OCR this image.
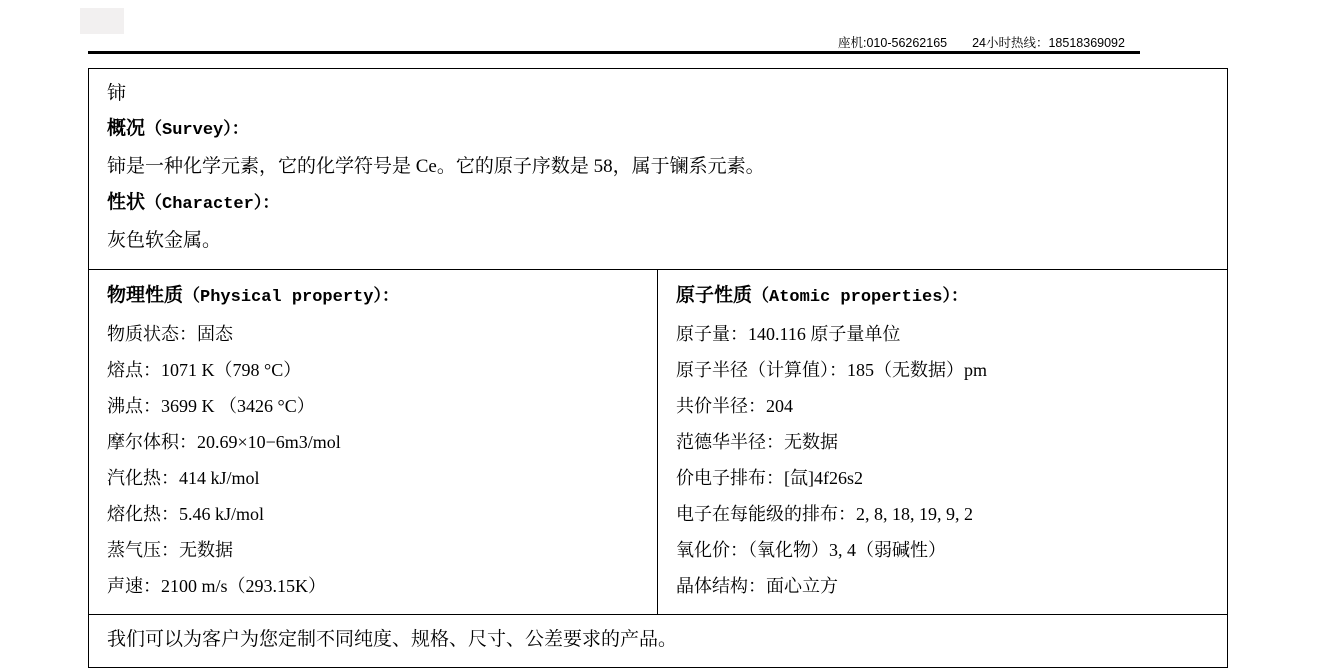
座机:010-56262165 24小时热线：18518369092
铈
概况（Survey）：
铈是一种化学元素，它的化学符号是 Ce。它的原子序数是 58，属于镧系元素。
性状（Character）：
灰色软金属。
物理性质（Physical property）：
物质状态：固态
熔点：1071 K（798 °C）
沸点：3699 K （3426 °C）
摩尔体积：20.69×10−6m3/mol
汽化热：414 kJ/mol
熔化热：5.46 kJ/mol
蒸气压：无数据
声速：2100 m/s（293.15K）
原子性质（Atomic properties）：
原子量：140.116 原子量单位
原子半径（计算值）：185（无数据）pm
共价半径：204
范德华半径：无数据
价电子排布：[氙]4f26s2
电子在每能级的排布：2, 8, 18, 19, 9, 2
氧化价：（氧化物）3, 4（弱碱性）
晶体结构：面心立方
我们可以为客户为您定制不同纯度、规格、尺寸、公差要求的产品。
